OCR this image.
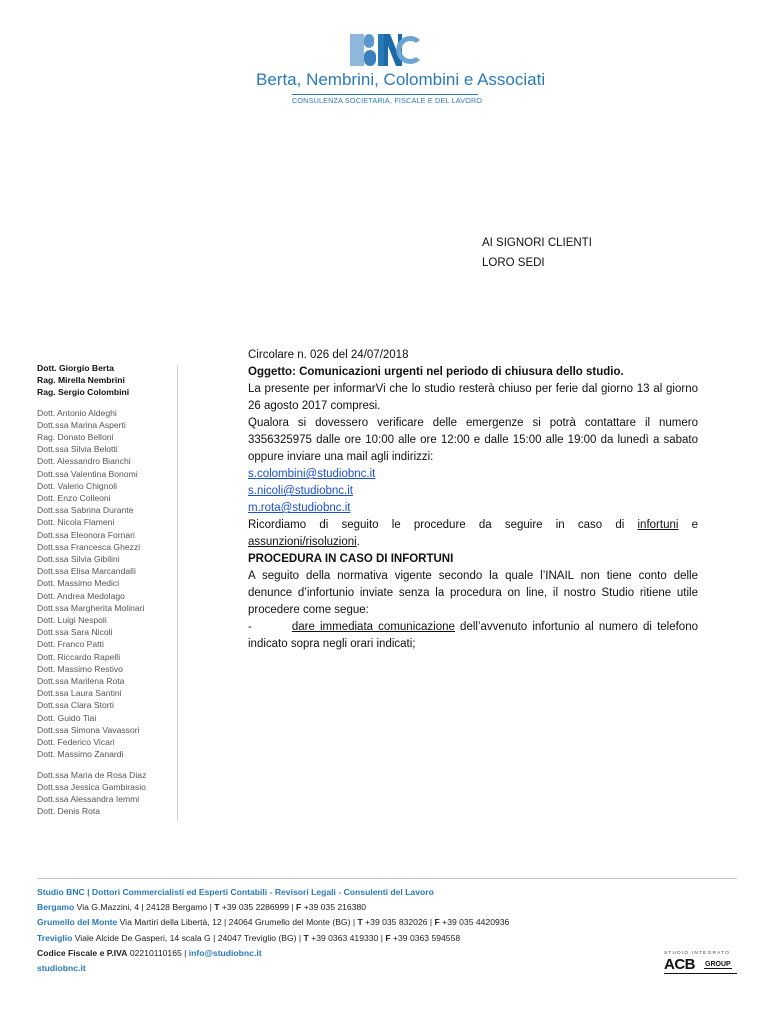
Berta, Nembrini, Colombini e Associati
CONSULENZA SOCIETARIA, FISCALE E DEL LAVORO
AI SIGNORI CLIENTI
LORO SEDI
Dott. Giorgio Berta
Rag. Mirella Nembrini
Rag. Sergio Colombini
Dott. Antonio Aldeghi
Dott.ssa Marina Asperti
Rag. Donato Belloni
Dott.ssa Silvia Belotti
Dott. Alessandro Bianchi
Dott.ssa Valentina Bonomi
Dott. Valerio Chignoli
Dott. Enzo Colleoni
Dott.ssa Sabrina Durante
Dott. Nicola Flameni
Dott.ssa Eleonora Fornari
Dott.ssa Francesca Ghezzi
Dott.ssa Silvia Gibilini
Dott.ssa Elisa Marcandalli
Dott. Massimo Medici
Dott. Andrea Medolago
Dott.ssa Margherita Molinari
Dott. Luigi Nespoli
Dott.ssa Sara Nicoli
Dott. Franco Patti
Dott. Riccardo Rapelli
Dott. Massimo Restivo
Dott.ssa Marilena Rota
Dott.ssa Laura Santini
Dott.ssa Clara Storti
Dott. Guido Tiai
Dott.ssa Simona Vavassori
Dott. Federico Vicari
Dott. Massimo Zanardi
Dott.ssa Maria de Rosa Diaz
Dott.ssa Jessica Gambirasio
Dott.ssa Alessandra Iemmi
Dott. Denis Rota

Circolare n. 026 del 24/07/2018

Oggetto: Comunicazioni urgenti nel periodo di chiusura dello studio.

La presente per informarVi che lo studio resterà chiuso per ferie dal giorno 13 al giorno 26 agosto 2017 compresi.

Qualora si dovessero verificare delle emergenze si potrà contattare il numero 3356325975 dalle ore 10:00 alle ore 12:00 e dalle 15:00 alle 19:00 da lunedì a sabato oppure inviare una mail agli indirizzi:

s.colombini@studiobnc.it

s.nicoli@studiobnc.it

m.rota@studiobnc.it

Ricordiamo di seguito le procedure da seguire in caso di infortuni e assunzioni/risoluzioni.

PROCEDURA IN CASO DI INFORTUNI

A seguito della normativa vigente secondo la quale l’INAIL non tiene conto delle denunce d’infortunio inviate senza la procedura on line, il nostro Studio ritiene utile procedere come segue:

-	dare immediata comunicazione dell’avvenuto infortunio al numero di telefono indicato sopra negli orari indicati;

Studio BNC | Dottori Commercialisti ed Esperti Contabili - Revisori Legali - Consulenti del Lavoro
Bergamo Via G.Mazzini, 4 | 24128 Bergamo | T +39 035 2286999 | F +39 035 216380
Grumello del Monte Via Martiri della Libertà, 12 | 24064 Grumello del Monte (BG) | T +39 035 832026 | F +39 035 4420936
Treviglio Viale Alcide De Gasperi, 14 scala G | 24047 Treviglio (BG) | T +39 0363 419330 | F +39 0363 594558
Codice Fiscale e P.IVA 02210110165 | info@studiobnc.it
studiobnc.it
STUDIO INTEGRATO
ACB GROUP
